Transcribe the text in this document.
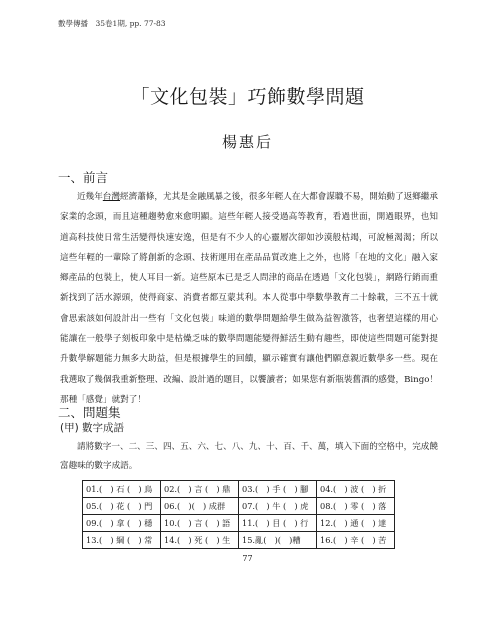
數學傳播　35卷1期, pp. 77-83
「文化包裝」巧飾數學問題
楊惠后
一、前言
近幾年台灣經濟蕭條，尤其是金融風暴之後，很多年輕人在大都會謀職不易，開始動了返鄉繼承家業的念頭，而且這種趨勢愈來愈明顯。這些年輕人接受過高等教育，看過世面，開過眼界，也知道高科技使日常生活變得快速安逸，但是有不少人的心靈層次卻如沙漠般枯竭，可說極渴渴；所以這些年輕的一輩除了將創新的念頭、技術運用在產品品質改進上之外，也將「在地的文化」融入家鄉產品的包裝上，使人耳目一新。這些原本已是乏人問津的商品在透過「文化包裝」，網路行銷而重新找到了活水源頭，使得商家、消費者都互蒙其利。本人從事中學數學教育二十餘載，三不五十就會思索該如何設計出一些有「文化包裝」味道的數學問題給學生做為益智激答，也奢望這樣的用心能讓在一般學子刻板印象中是枯燥乏味的數學問題能變得鮮活生動有趣些，即使這些問題可能對提升數學解題能力無多大助益，但是根據學生的回饋，顯示確實有讓他們願意親近數學多一些。現在我選取了幾個我重新整理、改編、設計過的題目，以饗讀者；如果您有新瓶裝舊酒的感覺，Bingo！那種「感覺」就對了！
二、問題集
(甲) 數字成語
請將數字一、二、三、四、五、六、七、八、九、十、百、千、萬，填入下面的空格中，完成饒富趣味的數字成語。
01.(　) 石 (　) 鳥	02.(　) 言 (　) 鼎	03.(　) 手 (　) 腳	04.(　) 波 (　) 折
05.(　) 花 (　) 門	06.(　)(　) 成群	07.(　) 牛 (　) 虎	08.(　) 零 (　) 落
09.(　) 拿 (　) 穩	10.(　) 言 (　) 語	11.(　) 目 (　) 行	12.(　) 通 (　) 達
13.(　) 綱 (　) 常	14.(　) 死 (　) 生	15.亂(　)(　)糟	16.(　) 辛 (　) 苦
77
